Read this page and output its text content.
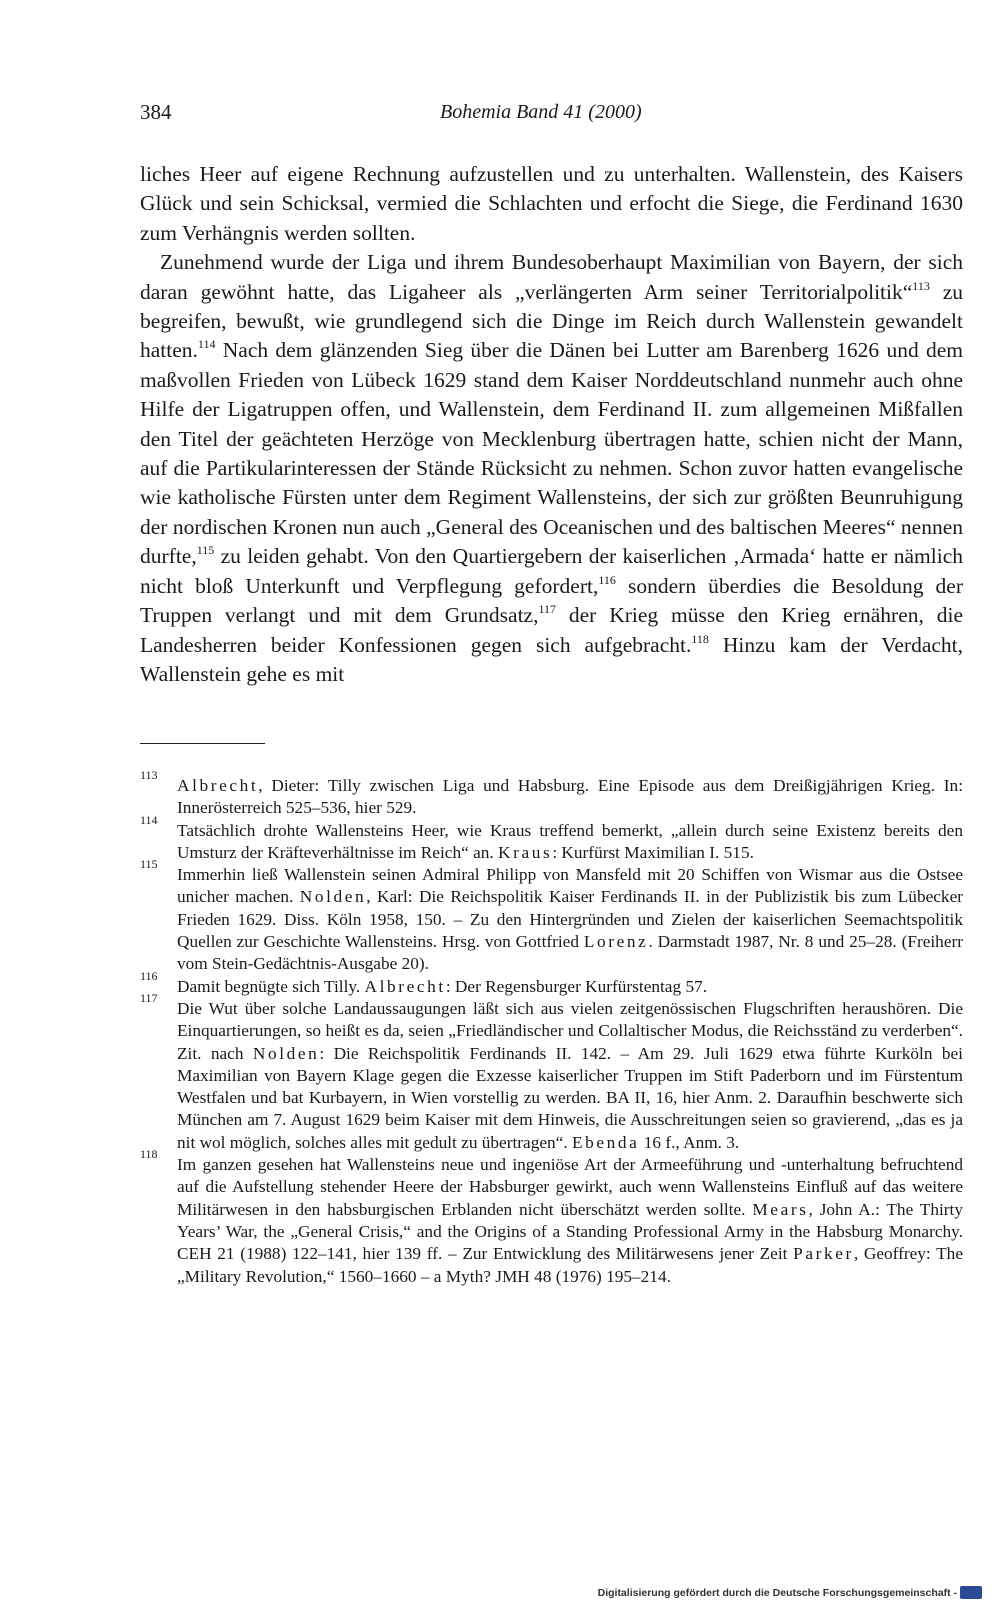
384	Bohemia Band 41 (2000)

liches Heer auf eigene Rechnung aufzustellen und zu unterhalten. Wallenstein, des Kaisers Glück und sein Schicksal, vermied die Schlachten und erfocht die Siege, die Ferdinand 1630 zum Verhängnis werden sollten.

Zunehmend wurde der Liga und ihrem Bundesoberhaupt Maximilian von Bayern, der sich daran gewöhnt hatte, das Ligaheer als „verlängerten Arm seiner Territorialpolitik“$^{113}$ zu begreifen, bewußt, wie grundlegend sich die Dinge im Reich durch Wallenstein gewandelt hatten.$^{114}$ Nach dem glänzenden Sieg über die Dänen bei Lutter am Barenberg 1626 und dem maßvollen Frieden von Lübeck 1629 stand dem Kaiser Norddeutschland nunmehr auch ohne Hilfe der Ligatruppen offen, und Wallenstein, dem Ferdinand II. zum allgemeinen Mißfallen den Titel der geächteten Herzöge von Mecklenburg übertragen hatte, schien nicht der Mann, auf die Partikularinteressen der Stände Rücksicht zu nehmen. Schon zuvor hatten evangelische wie katholische Fürsten unter dem Regiment Wallensteins, der sich zur größten Beunruhigung der nordischen Kronen nun auch „General des Oceanischen und des baltischen Meeres“ nennen durfte,$^{115}$ zu leiden gehabt. Von den Quartiergebern der kaiserlichen ‚Armada‘ hatte er nämlich nicht bloß Unterkunft und Verpflegung gefordert,$^{116}$ sondern überdies die Besoldung der Truppen verlangt und mit dem Grundsatz,$^{117}$ der Krieg müsse den Krieg ernähren, die Landesherren beider Konfessionen gegen sich aufgebracht.$^{118}$ Hinzu kam der Verdacht, Wallenstein gehe es mit

113
Albrecht, Dieter: Tilly zwischen Liga und Habsburg. Eine Episode aus dem Dreißigjährigen Krieg. In: Innerösterreich 525–536, hier 529.
114
Tatsächlich drohte Wallensteins Heer, wie Kraus treffend bemerkt, „allein durch seine Existenz bereits den Umsturz der Kräfteverhältnisse im Reich“ an. Kraus: Kurfürst Maximilian I. 515.
115
Immerhin ließ Wallenstein seinen Admiral Philipp von Mansfeld mit 20 Schiffen von Wismar aus die Ostsee unicher machen. Nolden, Karl: Die Reichspolitik Kaiser Ferdinands II. in der Publizistik bis zum Lübecker Frieden 1629. Diss. Köln 1958, 150. – Zu den Hintergründen und Zielen der kaiserlichen Seemachtspolitik Quellen zur Geschichte Wallensteins. Hrsg. von Gottfried Lorenz. Darmstadt 1987, Nr. 8 und 25–28. (Freiherr vom Stein-Gedächtnis-Ausgabe 20).
116
Damit begnügte sich Tilly. Albrecht: Der Regensburger Kurfürstentag 57.
117
Die Wut über solche Landaussaugungen läßt sich aus vielen zeitgenössischen Flugschriften heraushören. Die Einquartierungen, so heißt es da, seien „Friedländischer und Collaltischer Modus, die Reichsständ zu verderben“. Zit. nach Nolden: Die Reichspolitik Ferdinands II. 142. – Am 29. Juli 1629 etwa führte Kurköln bei Maximilian von Bayern Klage gegen die Exzesse kaiserlicher Truppen im Stift Paderborn und im Fürstentum Westfalen und bat Kurbayern, in Wien vorstellig zu werden. BA II, 16, hier Anm. 2. Daraufhin beschwerte sich München am 7. August 1629 beim Kaiser mit dem Hinweis, die Ausschreitungen seien so gravierend, „das es ja nit wol möglich, solches alles mit gedult zu übertragen“. Ebenda 16 f., Anm. 3.
118
Im ganzen gesehen hat Wallensteins neue und ingeniöse Art der Armeeführung und -unterhaltung befruchtend auf die Aufstellung stehender Heere der Habsburger gewirkt, auch wenn Wallensteins Einfluß auf das weitere Militärwesen in den habsburgischen Erblanden nicht überschätzt werden sollte. Mears, John A.: The Thirty Years’ War, the „General Crisis,“ and the Origins of a Standing Professional Army in the Habsburg Monarchy. CEH 21 (1988) 122–141, hier 139 ff. – Zur Entwicklung des Militärwesens jener Zeit Parker, Geoffrey: The „Military Revolution,“ 1560–1660 – a Myth? JMH 48 (1976) 195–214.
Digitalisierung gefördert durch die Deutsche Forschungsgemeinschaft -
